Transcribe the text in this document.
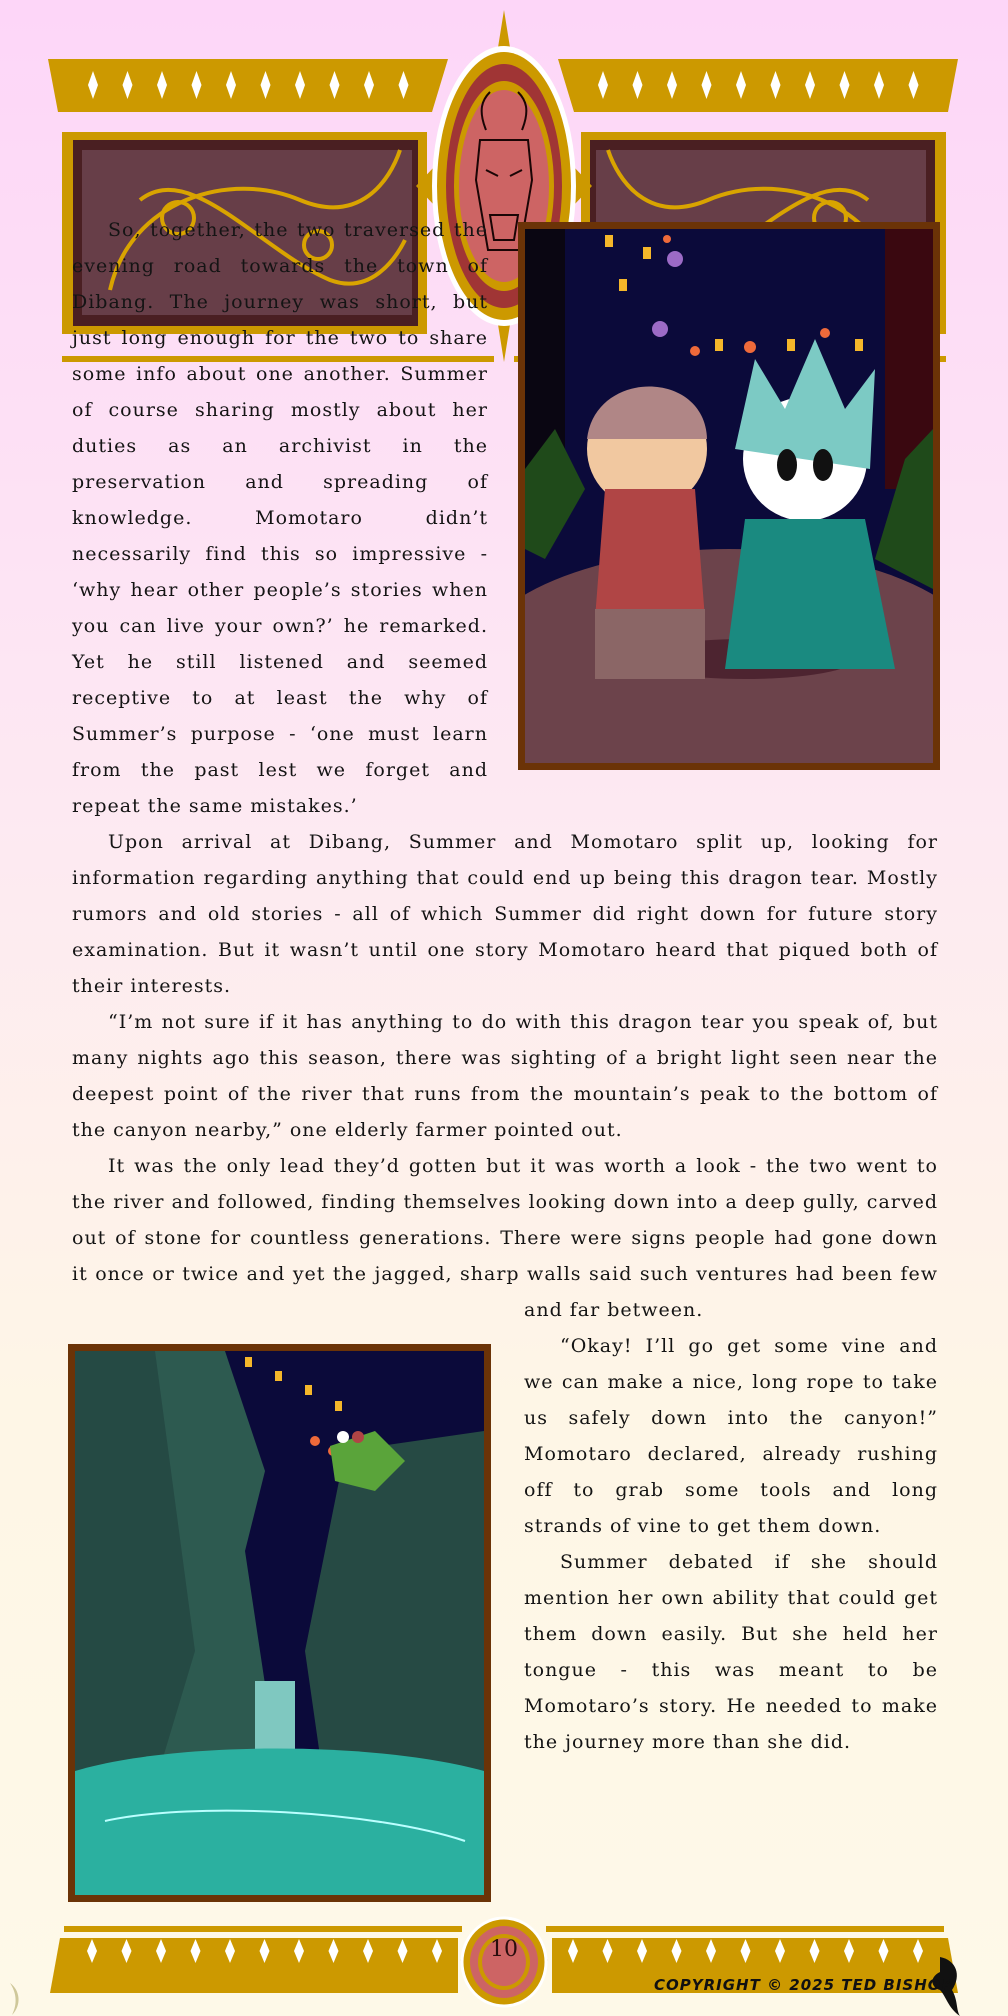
So, together, the two traversed the evening road towards the town of Dibang. The journey was short, but just long enough for the two to share some info about one another. Summer of course sharing mostly about her duties as an archivist in the preservation and spreading of knowledge. Momotaro didn’t necessarily find this so impressive - ‘why hear other people’s stories when you can live your own?’ he remarked. Yet he still listened and seemed receptive to at least the why of Summer’s purpose - ‘one must learn from the past lest we forget and repeat the same mistakes.’

Upon arrival at Dibang, Summer and Momotaro split up, looking for information regarding anything that could end up being this dragon tear. Mostly rumors and old stories - all of which Summer did right down for future story examination. But it wasn’t until one story Momotaro heard that piqued both of their interests.

“I’m not sure if it has anything to do with this dragon tear you speak of, but many nights ago this season, there was sighting of a bright light seen near the deepest point of the river that runs from the mountain’s peak to the bottom of the canyon nearby,” one elderly farmer pointed out.

It was the only lead they’d gotten but it was worth a look - the two went to the river and followed, finding themselves looking down into a deep gully, carved out of stone for countless generations. There were signs people had gone down it once or twice and yet the jagged, sharp walls said such ventures had been few and far between.

“Okay! I’ll go get some vine and we can make a nice, long rope to take us safely down into the canyon!” Momotaro declared, already rushing off to grab some tools and long strands of vine to get them down.

Summer debated if she should mention her own ability that could get them down easily. But she held her tongue - this was meant to be Momotaro’s story. He needed to make the journey more than she did.

10
COPYRIGHT © 2025 TED BISHOP
